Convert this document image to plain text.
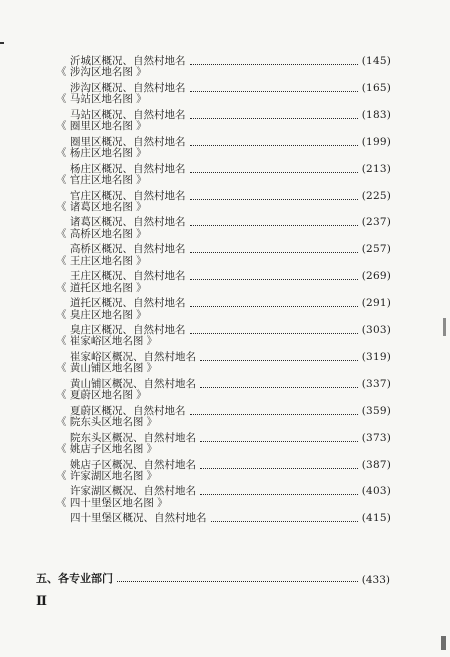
沂城区概况、自然村地名	(145)
《 涉沟区地名图 》
涉沟区概况、自然村地名	(165)
《 马站区地名图 》
马站区概况、自然村地名	(183)
《 圈里区地名图 》
圈里区概况、自然村地名	(199)
《 杨庄区地名图 》
杨庄区概况、自然村地名	(213)
《 官庄区地名图 》
官庄区概况、自然村地名	(225)
《 诸葛区地名图 》
诸葛区概况、自然村地名	(237)
《 高桥区地名图 》
高桥区概况、自然村地名	(257)
《 王庄区地名图 》
王庄区概况、自然村地名	(269)
《 道托区地名图 》
道托区概况、自然村地名	(291)
《 臭庄区地名图 》
臭庄区概况、自然村地名	(303)
《 崔家峪区地名图 》
崔家峪区概况、自然村地名	(319)
《 黄山铺区地名图 》
黄山铺区概况、自然村地名	(337)
《 夏蔚区地名图 》
夏蔚区概况、自然村地名	(359)
《 院东头区地名图 》
院东头区概况、自然村地名	(373)
《 姚店子区地名图 》
姚店子区概况、自然村地名	(387)
《 许家湖区地名图 》
许家湖区概况、自然村地名	(403)
《 四十里堡区地名图 》
四十里堡区概况、自然村地名	(415)
五、各专业部门	(433)
Ⅱ
